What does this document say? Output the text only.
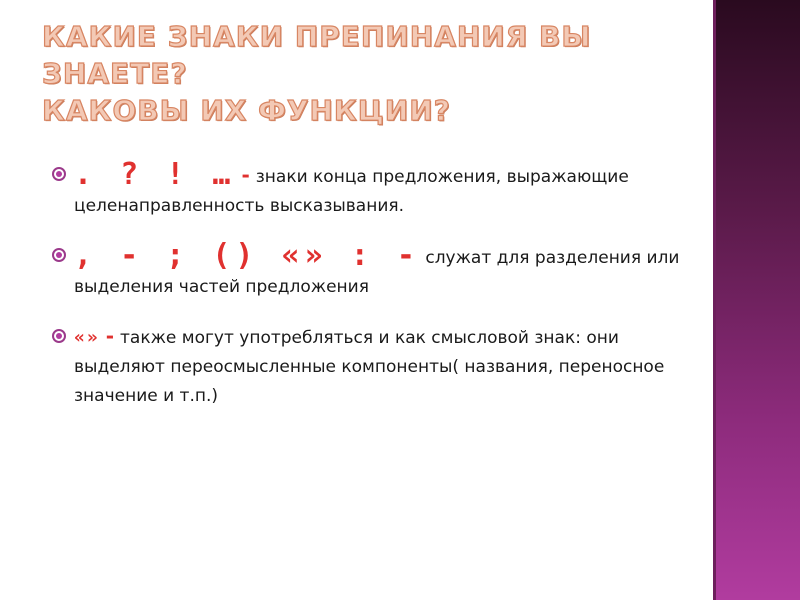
КАКИЕ ЗНАКИ ПРЕПИНАНИЯ ВЫ
ЗНАЕТЕ?
КАКОВЫ ИХ ФУНКЦИИ?
. ? ! … - знаки конца предложения, выражающие целенаправленность высказывания.
, - ; () «» : - служат для разделения или выделения частей предложения
«» - также могут употребляться и как смысловой знак: они выделяют переосмысленные компоненты( названия, переносное значение и т.п.)
